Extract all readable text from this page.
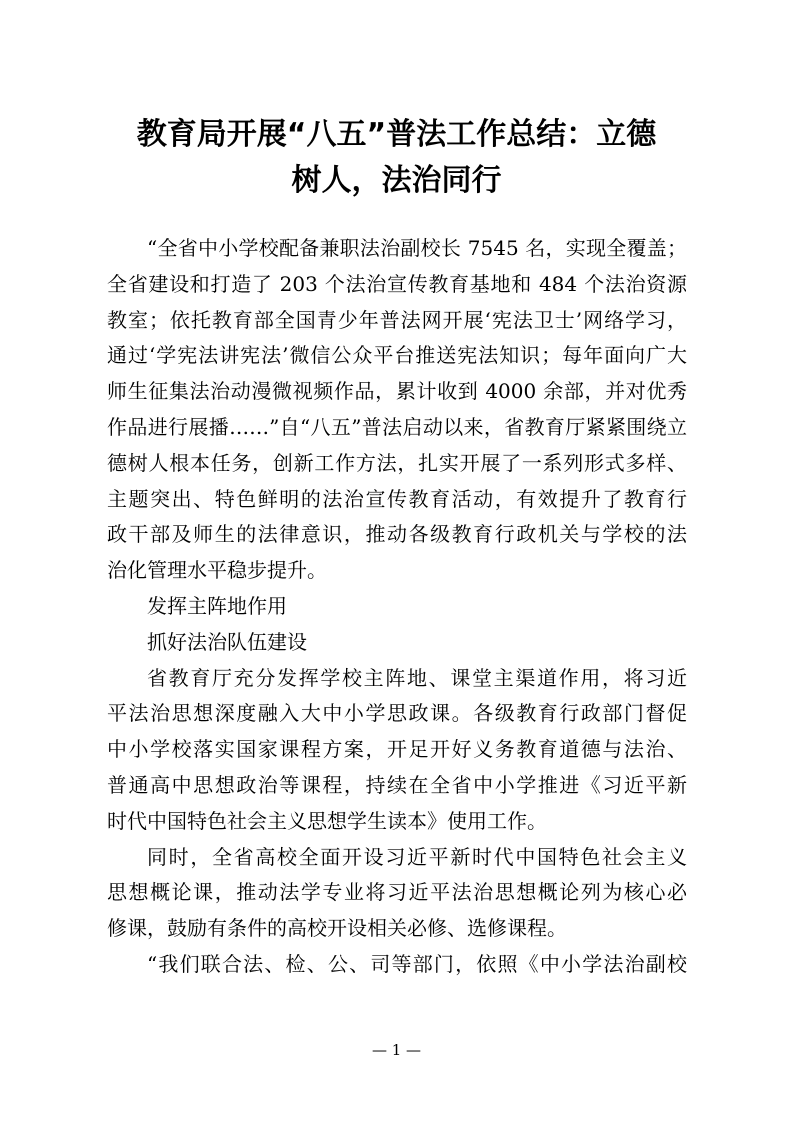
教育局开展“八五”普法工作总结：立德
树人，法治同行
“全省中小学校配备兼职法治副校长 7545 名，实现全覆盖；
全省建设和打造了 203 个法治宣传教育基地和 484 个法治资源
教室；依托教育部全国青少年普法网开展‘宪法卫士’网络学习，
通过‘学宪法讲宪法’微信公众平台推送宪法知识；每年面向广大
师生征集法治动漫微视频作品，累计收到 4000 余部，并对优秀
作品进行展播……”自“八五”普法启动以来，省教育厅紧紧围绕立
德树人根本任务，创新工作方法，扎实开展了一系列形式多样、
主题突出、特色鲜明的法治宣传教育活动，有效提升了教育行
政干部及师生的法律意识，推动各级教育行政机关与学校的法
治化管理水平稳步提升。
发挥主阵地作用
抓好法治队伍建设
省教育厅充分发挥学校主阵地、课堂主渠道作用，将习近
平法治思想深度融入大中小学思政课。各级教育行政部门督促
中小学校落实国家课程方案，开足开好义务教育道德与法治、
普通高中思想政治等课程，持续在全省中小学推进《习近平新
时代中国特色社会主义思想学生读本》使用工作。
同时，全省高校全面开设习近平新时代中国特色社会主义
思想概论课，推动法学专业将习近平法治思想概论列为核心必
修课，鼓励有条件的高校开设相关必修、选修课程。
“我们联合法、检、公、司等部门，依照《中小学法治副校
— 1 —
